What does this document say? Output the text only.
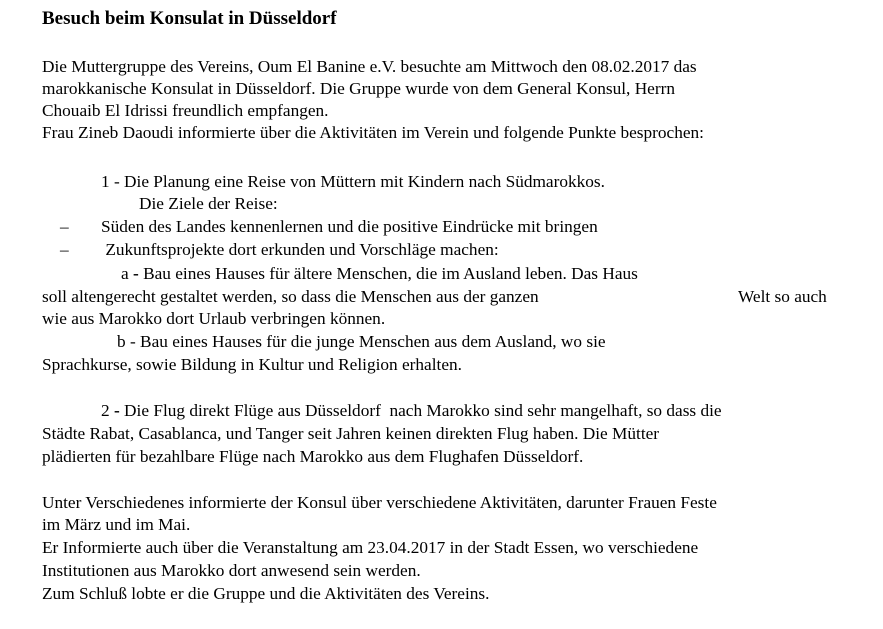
Besuch beim Konsulat in Düsseldorf
Die Muttergruppe des Vereins, Oum El Banine e.V. besuchte am Mittwoch den 08.02.2017 das
marokkanische Konsulat in Düsseldorf. Die Gruppe wurde von dem General Konsul, Herrn
Chouaib El Idrissi freundlich empfangen.
Frau Zineb Daoudi informierte über die Aktivitäten im Verein und folgende Punkte besprochen:
1 - Die Planung eine Reise von Müttern mit Kindern nach Südmarokkos.
Die Ziele der Reise:
– Süden des Landes kennenlernen und die positive Eindrücke mit bringen
– Zukunftsprojekte dort erkunden und Vorschläge machen:
a - Bau eines Hauses für ältere Menschen, die im Ausland leben. Das Haus
soll altengerecht gestaltet werden, so dass die Menschen aus der ganzen	Welt so auch
wie aus Marokko dort Urlaub verbringen können.
b - Bau eines Hauses für die junge Menschen aus dem Ausland, wo sie
Sprachkurse, sowie Bildung in Kultur und Religion erhalten.
2 - Die Flug direkt Flüge aus Düsseldorf  nach Marokko sind sehr mangelhaft, so dass die
Städte Rabat, Casablanca, und Tanger seit Jahren keinen direkten Flug haben. Die Mütter
plädierten für bezahlbare Flüge nach Marokko aus dem Flughafen Düsseldorf.
Unter Verschiedenes informierte der Konsul über verschiedene Aktivitäten, darunter Frauen Feste
im März und im Mai.
Er Informierte auch über die Veranstaltung am 23.04.2017 in der Stadt Essen, wo verschiedene
Institutionen aus Marokko dort anwesend sein werden.
Zum Schluß lobte er die Gruppe und die Aktivitäten des Vereins.
